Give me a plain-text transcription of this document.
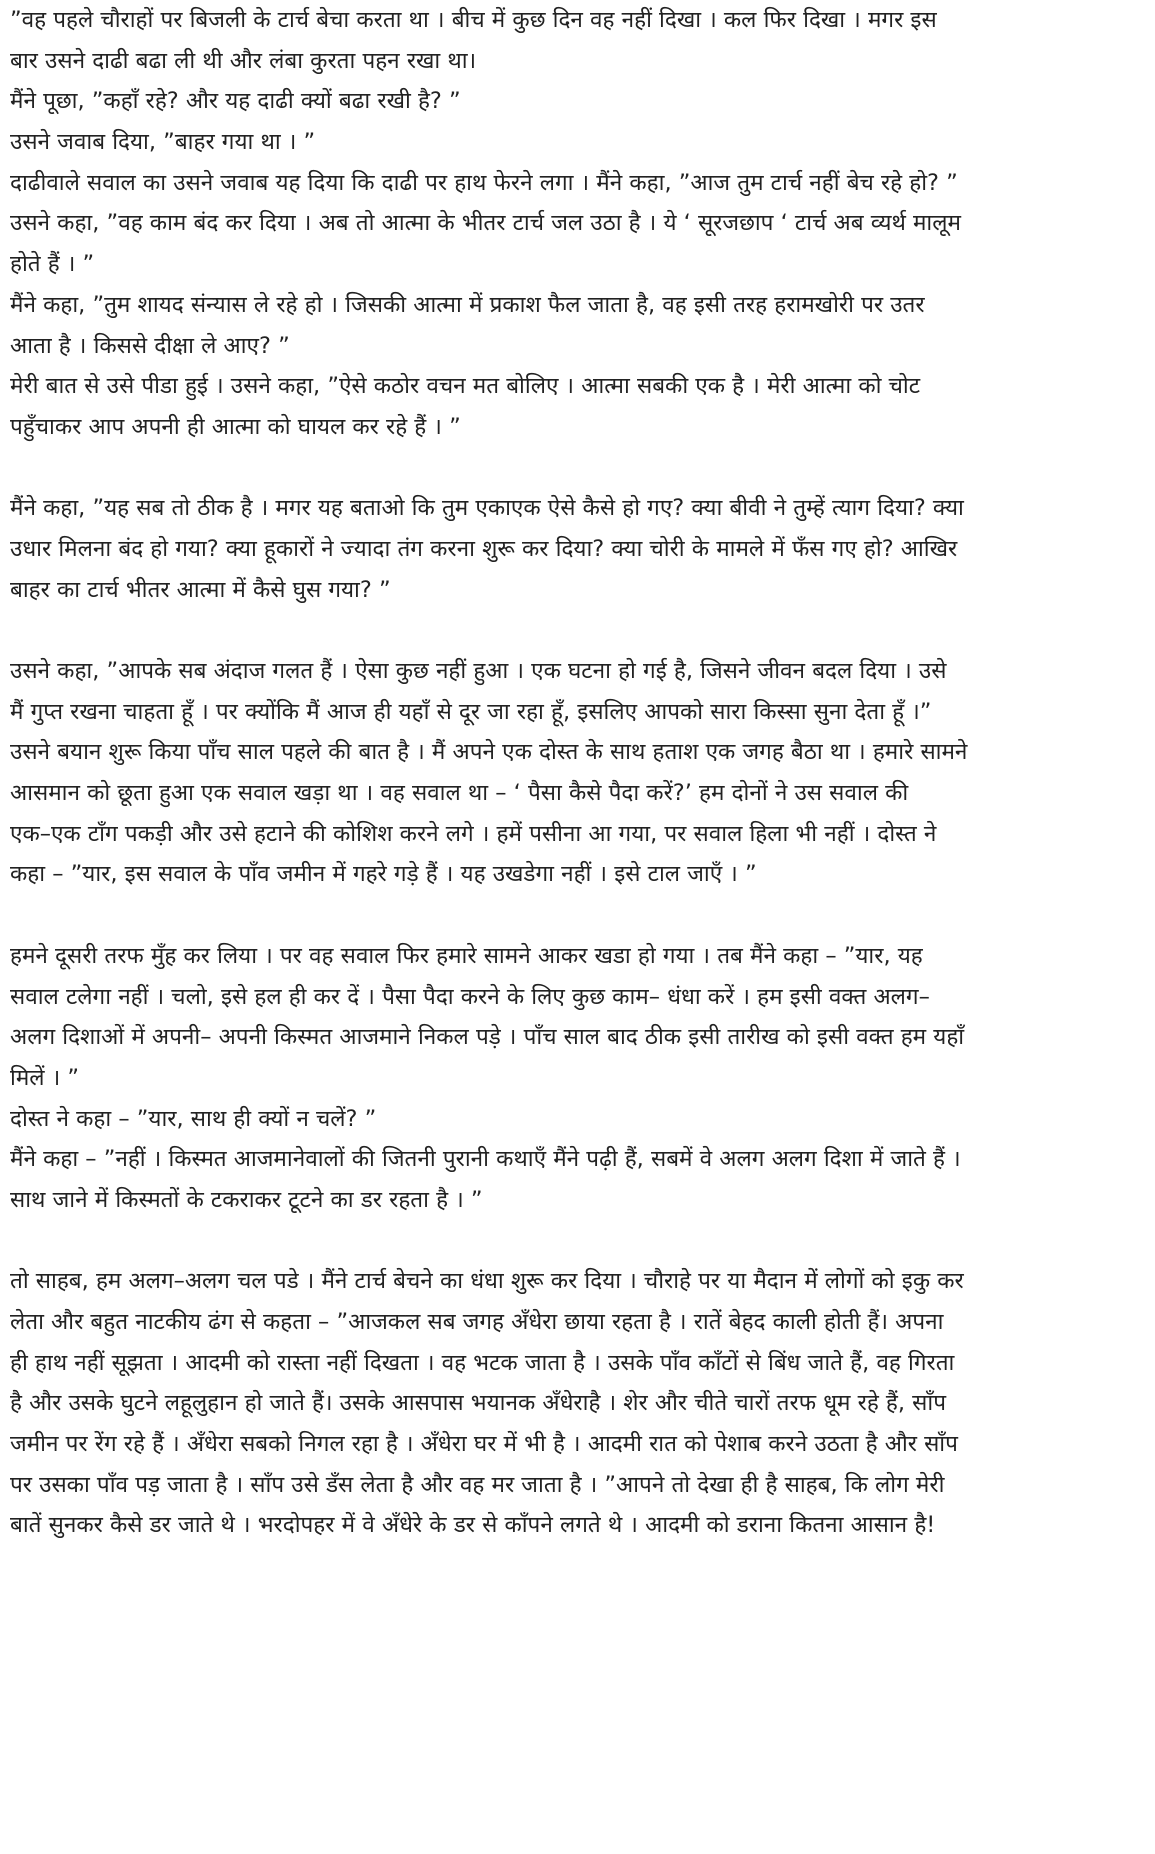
”वह पहले चौराहों पर बिजली के टार्च बेचा करता था । बीच में कुछ दिन वह नहीं दिखा । कल फिर दिखा । मगर इस
बार उसने दाढी बढा ली थी और लंबा कुरता पहन रखा था।
मैंने पूछा, ”कहाँ रहे? और यह दाढी क्यों बढा रखी है? ”
उसने जवाब दिया, ”बाहर गया था । ”
दाढीवाले सवाल का उसने जवाब यह दिया कि दाढी पर हाथ फेरने लगा । मैंने कहा, ”आज तुम टार्च नहीं बेच रहे हो? ”
उसने कहा, ”वह काम बंद कर दिया । अब तो आत्मा के भीतर टार्च जल उठा है । ये ‘ सूरजछाप ‘ टार्च अब व्यर्थ मालूम
होते हैं । ”
मैंने कहा, ”तुम शायद संन्यास ले रहे हो । जिसकी आत्मा में प्रकाश फैल जाता है, वह इसी तरह हरामखोरी पर उतर
आता है । किससे दीक्षा ले आए? ”
मेरी बात से उसे पीडा हुई । उसने कहा, ”ऐसे कठोर वचन मत बोलिए । आत्मा सबकी एक है । मेरी आत्मा को चोट
पहुँचाकर आप अपनी ही आत्मा को घायल कर रहे हैं । ”
मैंने कहा, ”यह सब तो ठीक है । मगर यह बताओ कि तुम एकाएक ऐसे कैसे हो गए? क्या बीवी ने तुम्हें त्याग दिया? क्या
उधार मिलना बंद हो गया? क्या हूकारों ने ज्यादा तंग करना शुरू कर दिया? क्या चोरी के मामले में फँस गए हो? आखिर
बाहर का टार्च भीतर आत्मा में कैसे घुस गया? ”
उसने कहा, ”आपके सब अंदाज गलत हैं । ऐसा कुछ नहीं हुआ । एक घटना हो गई है, जिसने जीवन बदल दिया । उसे
मैं गुप्त रखना चाहता हूँ । पर क्योंकि मैं आज ही यहाँ से दूर जा रहा हूँ, इसलिए आपको सारा किस्सा सुना देता हूँ ।”
उसने बयान शुरू किया पाँच साल पहले की बात है । मैं अपने एक दोस्त के साथ हताश एक जगह बैठा था । हमारे सामने
आसमान को छूता हुआ एक सवाल खड़ा था । वह सवाल था – ‘ पैसा कैसे पैदा करें?’ हम दोनों ने उस सवाल की
एक–एक टाँग पकड़ी और उसे हटाने की कोशिश करने लगे । हमें पसीना आ गया, पर सवाल हिला भी नहीं । दोस्त ने
कहा – ”यार, इस सवाल के पाँव जमीन में गहरे गड़े हैं । यह उखडेगा नहीं । इसे टाल जाएँ । ”
हमने दूसरी तरफ मुँह कर लिया । पर वह सवाल फिर हमारे सामने आकर खडा हो गया । तब मैंने कहा – ”यार, यह
सवाल टलेगा नहीं । चलो, इसे हल ही कर दें । पैसा पैदा करने के लिए कुछ काम– धंधा करें । हम इसी वक्त अलग–
अलग दिशाओं में अपनी– अपनी किस्मत आजमाने निकल पड़े । पाँच साल बाद ठीक इसी तारीख को इसी वक्त हम यहाँ
मिलें । ”
दोस्त ने कहा – ”यार, साथ ही क्यों न चलें? ”
मैंने कहा – ”नहीं । किस्मत आजमानेवालों की जितनी पुरानी कथाएँ मैंने पढ़ी हैं, सबमें वे अलग अलग दिशा में जाते हैं ।
साथ जाने में किस्मतों के टकराकर टूटने का डर रहता है । ”
तो साहब, हम अलग–अलग चल पडे । मैंने टार्च बेचने का धंधा शुरू कर दिया । चौराहे पर या मैदान में लोगों को इकु कर
लेता और बहुत नाटकीय ढंग से कहता – ”आजकल सब जगह अँधेरा छाया रहता है । रातें बेहद काली होती हैं। अपना
ही हाथ नहीं सूझता । आदमी को रास्ता नहीं दिखता । वह भटक जाता है । उसके पाँव काँटों से बिंध जाते हैं, वह गिरता
है और उसके घुटने लहूलुहान हो जाते हैं। उसके आसपास भयानक अँधेराहै । शेर और चीते चारों तरफ धूम रहे हैं, साँप
जमीन पर रेंग रहे हैं । अँधेरा सबको निगल रहा है । अँधेरा घर में भी है । आदमी रात को पेशाब करने उठता है और साँप
पर उसका पाँव पड़ जाता है । साँप उसे डँस लेता है और वह मर जाता है । ”आपने तो देखा ही है साहब, कि लोग मेरी
बातें सुनकर कैसे डर जाते थे । भरदोपहर में वे अँधेरे के डर से काँपने लगते थे । आदमी को डराना कितना आसान है!
